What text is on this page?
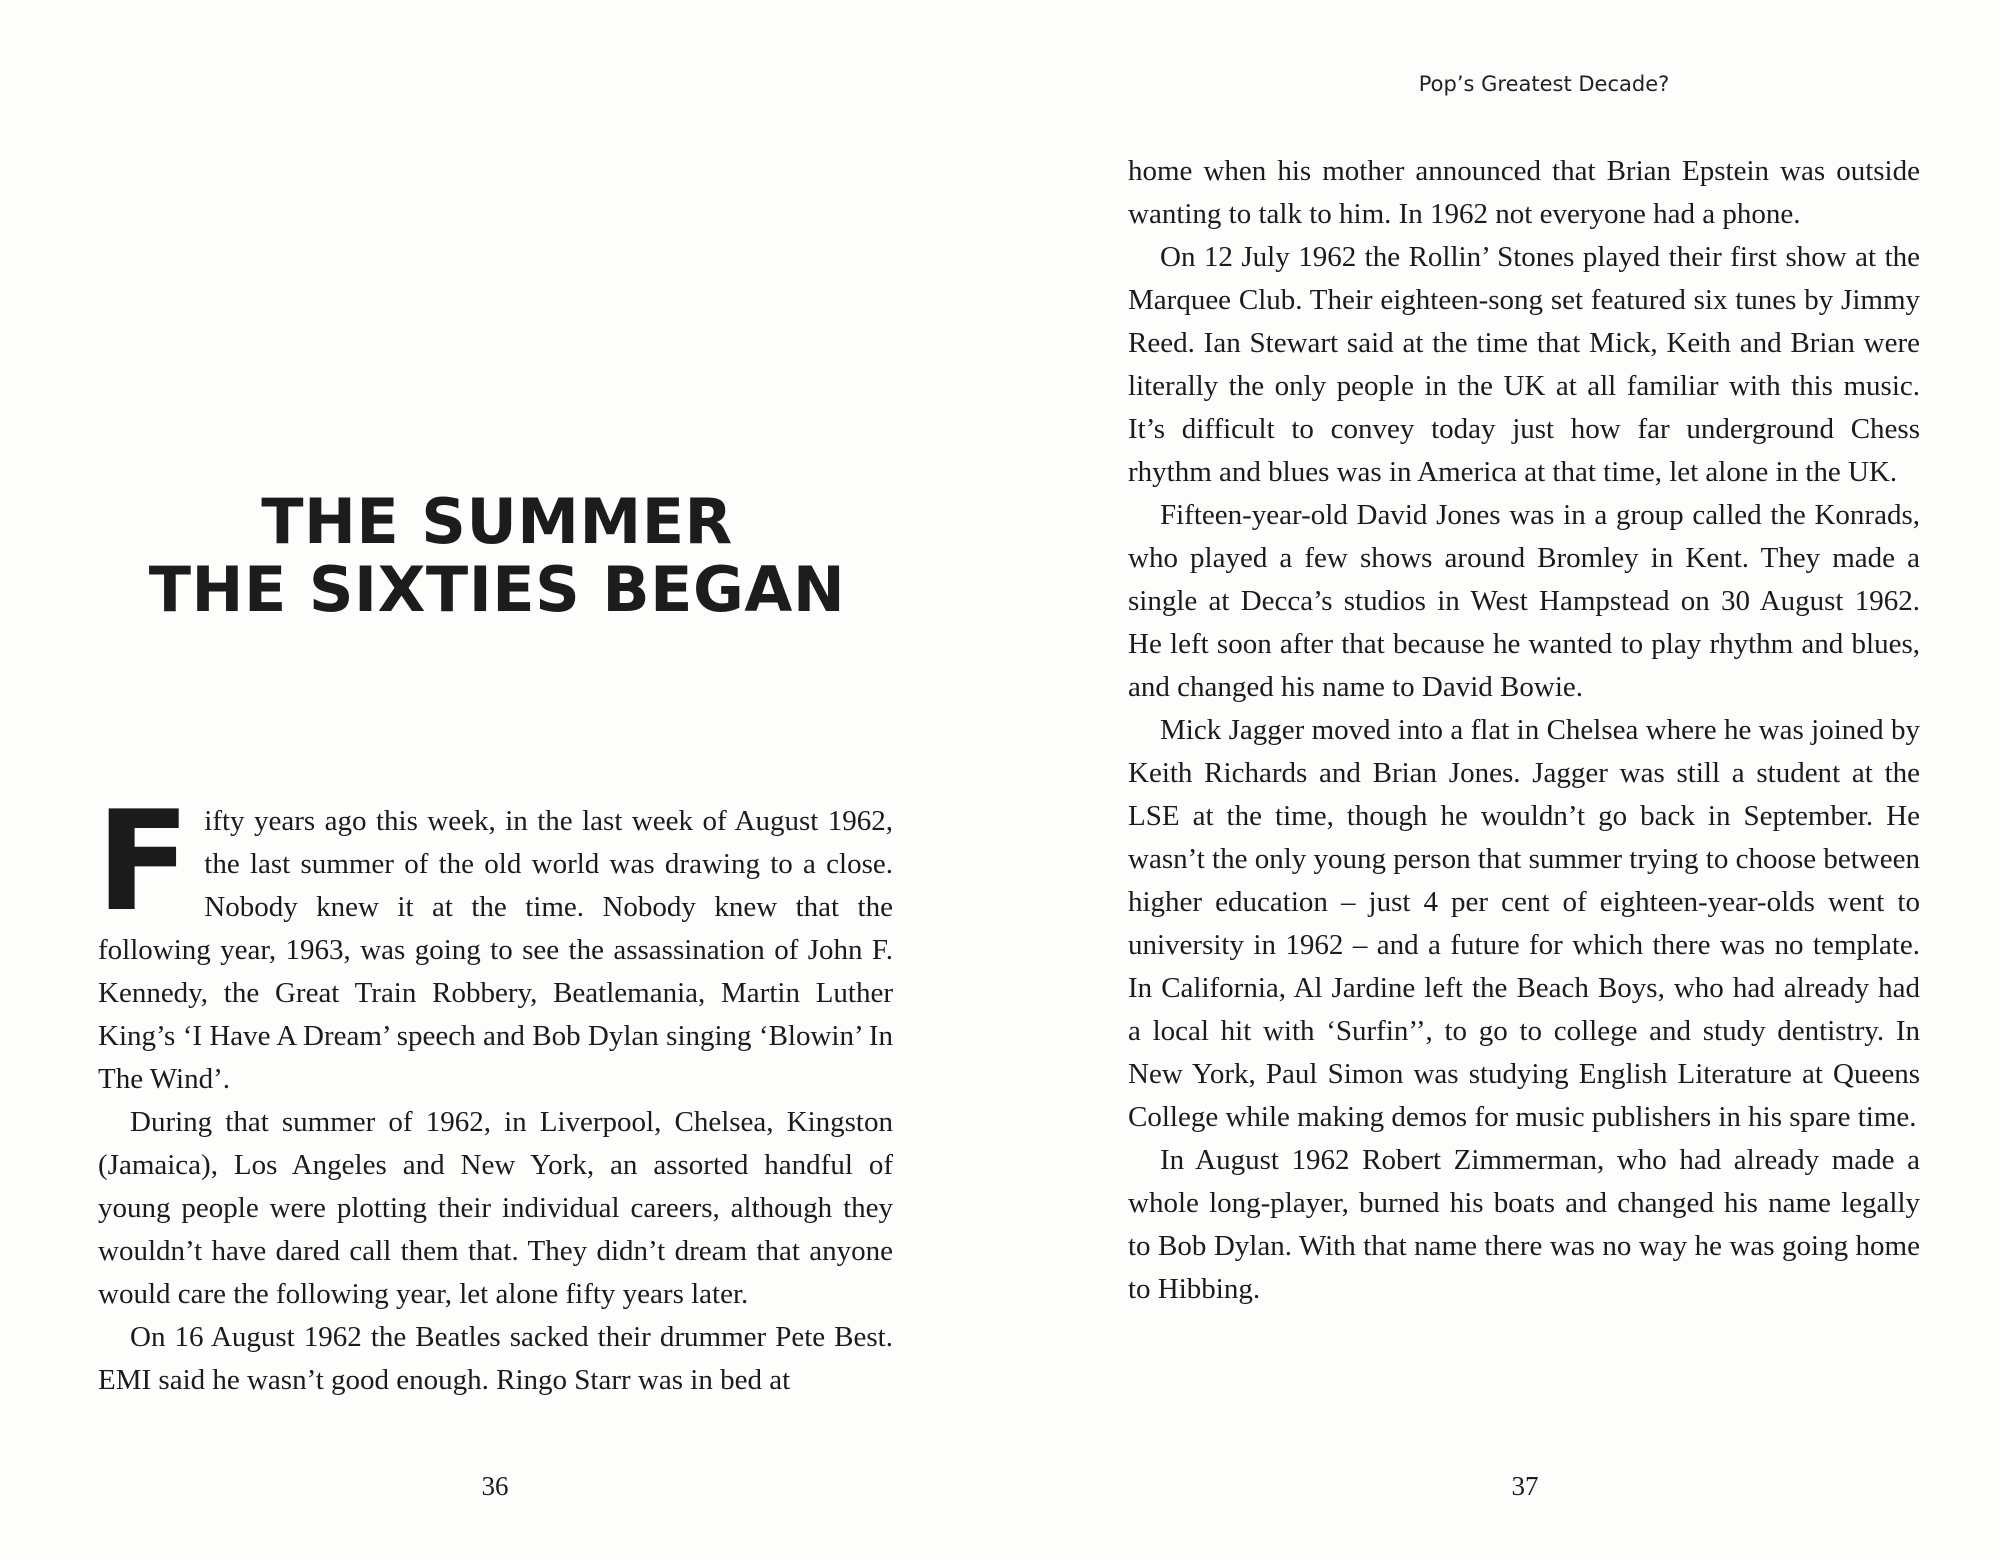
THE SUMMER
THE SIXTIES BEGAN

Fifty years ago this week, in the last week of August 1962, the last summer of the old world was drawing to a close. Nobody knew it at the time. Nobody knew that the following year, 1963, was going to see the assassination of John F. Kennedy, the Great Train Robbery, Beatlemania, Martin Luther King’s ‘I Have A Dream’ speech and Bob Dylan singing ‘Blowin’ In The Wind’.

During that summer of 1962, in Liverpool, Chelsea, Kingston (Jamaica), Los Angeles and New York, an assorted handful of young people were plotting their individual careers, although they wouldn’t have dared call them that. They didn’t dream that anyone would care the following year, let alone fifty years later.

On 16 August 1962 the Beatles sacked their drummer Pete Best. EMI said he wasn’t good enough. Ringo Starr was in bed at

36

Pop’s Greatest Decade?

home when his mother announced that Brian Epstein was outside wanting to talk to him. In 1962 not everyone had a phone.

On 12 July 1962 the Rollin’ Stones played their first show at the Marquee Club. Their eighteen-song set featured six tunes by Jimmy Reed. Ian Stewart said at the time that Mick, Keith and Brian were literally the only people in the UK at all familiar with this music. It’s difficult to convey today just how far underground Chess rhythm and blues was in America at that time, let alone in the UK.

Fifteen-year-old David Jones was in a group called the Konrads, who played a few shows around Bromley in Kent. They made a single at Decca’s studios in West Hampstead on 30 August 1962. He left soon after that because he wanted to play rhythm and blues, and changed his name to David Bowie.

Mick Jagger moved into a flat in Chelsea where he was joined by Keith Richards and Brian Jones. Jagger was still a student at the LSE at the time, though he wouldn’t go back in September. He wasn’t the only young person that summer trying to choose between higher education – just 4 per cent of eighteen-year-olds went to university in 1962 – and a future for which there was no template. In California, Al Jardine left the Beach Boys, who had already had a local hit with ‘Surfin’’, to go to college and study dentistry. In New York, Paul Simon was studying English Literature at Queens College while making demos for music publishers in his spare time.

In August 1962 Robert Zimmerman, who had already made a whole long-player, burned his boats and changed his name legally to Bob Dylan. With that name there was no way he was going home to Hibbing.

37
